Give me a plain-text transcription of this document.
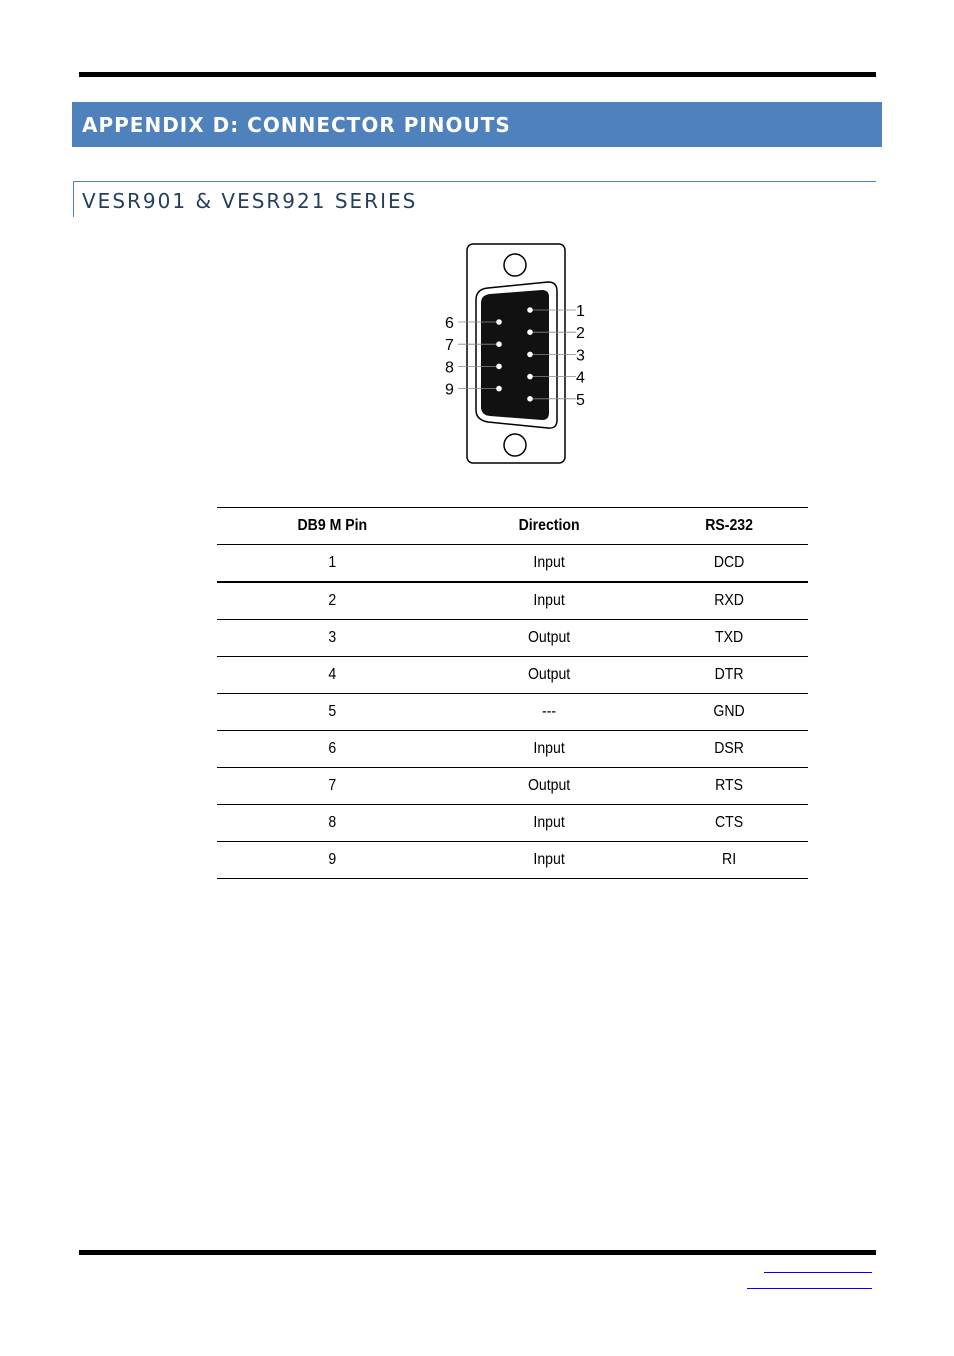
APPENDIX D: CONNECTOR PINOUTS
VESR901 & VESR921 SERIES
1
2
3
4
5
6
7
8
9
DB9 M Pin	Direction	RS-232
1	Input	DCD
2	Input	RXD
3	Output	TXD
4	Output	DTR
5	---	GND
6	Input	DSR
7	Output	RTS
8	Input	CTS
9	Input	RI
